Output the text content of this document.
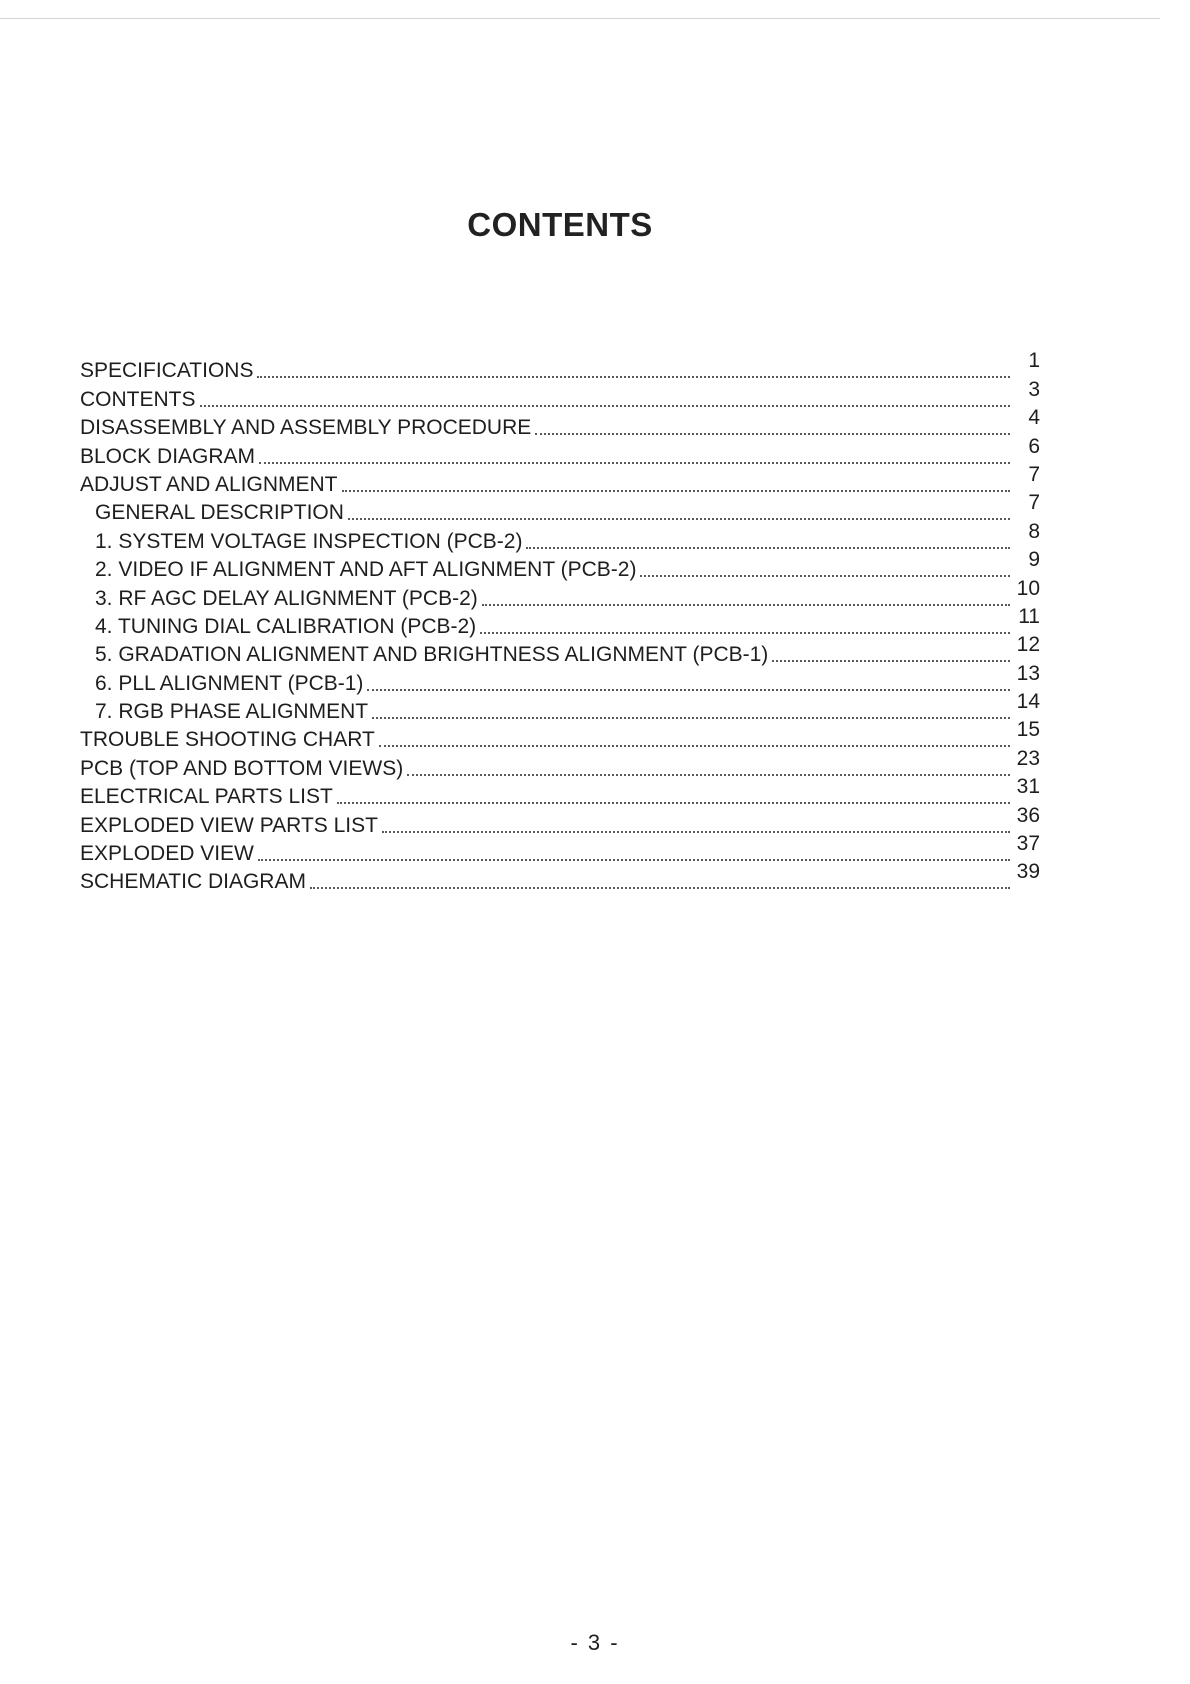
CONTENTS
SPECIFICATIONS	1
CONTENTS	3
DISASSEMBLY AND ASSEMBLY PROCEDURE	4
BLOCK DIAGRAM	6
ADJUST AND ALIGNMENT	7
GENERAL DESCRIPTION	7
1. SYSTEM VOLTAGE INSPECTION (PCB-2)	8
2. VIDEO IF ALIGNMENT AND AFT ALIGNMENT (PCB-2)	9
3. RF AGC DELAY ALIGNMENT (PCB-2)	10
4. TUNING DIAL CALIBRATION (PCB-2)	11
5. GRADATION ALIGNMENT AND BRIGHTNESS ALIGNMENT (PCB-1)	12
6. PLL ALIGNMENT (PCB-1)	13
7. RGB PHASE ALIGNMENT	14
TROUBLE SHOOTING CHART	15
PCB (TOP AND BOTTOM VIEWS)	23
ELECTRICAL PARTS LIST	31
EXPLODED VIEW PARTS LIST	36
EXPLODED VIEW	37
SCHEMATIC DIAGRAM	39
- 3 -
